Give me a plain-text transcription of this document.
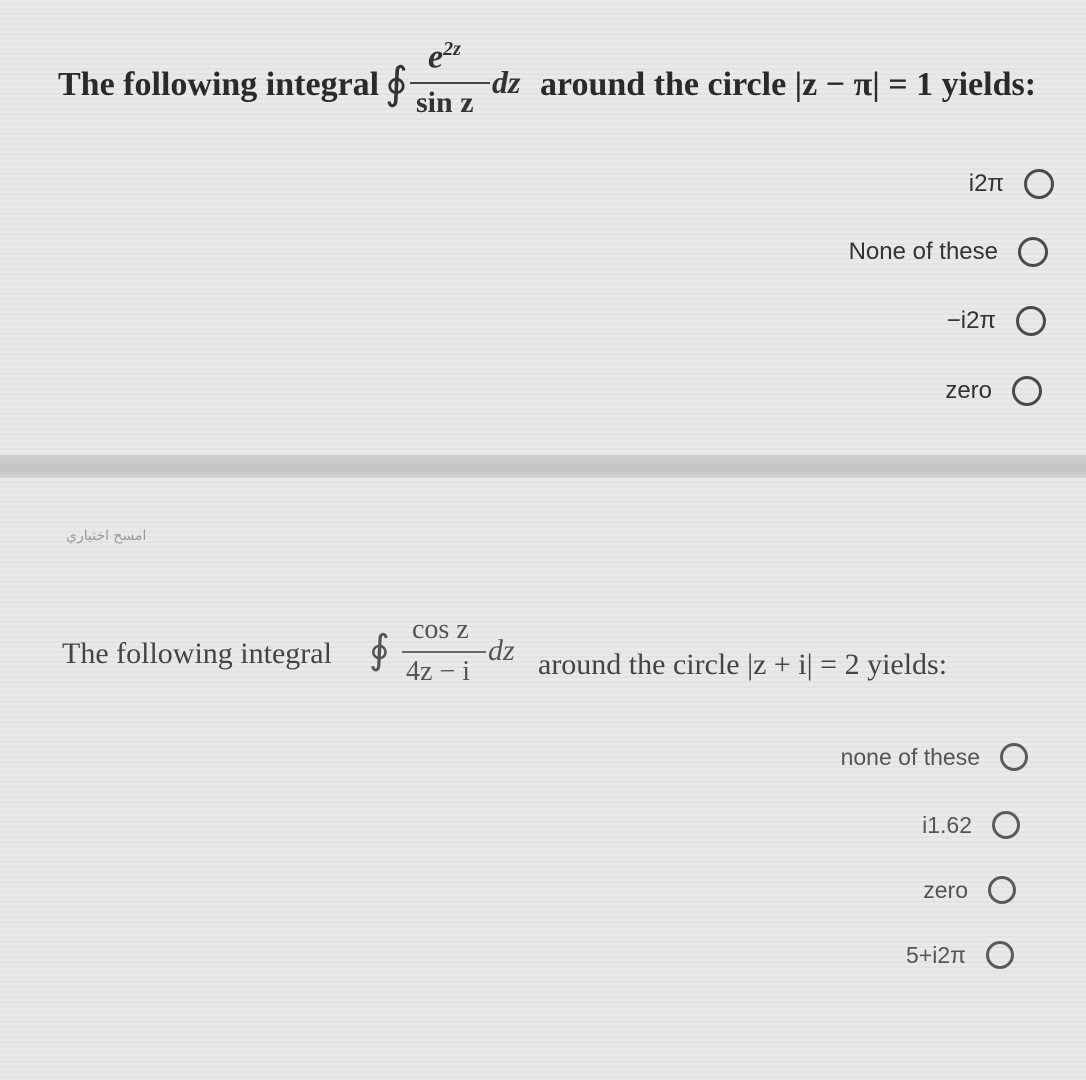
The following integral ∮
$e^{2z}$
sin z
dz around the circle |z − π| = 1 yields:
i2π
None of these
−i2π
zero
امسح اختياري
The following integral ∮ cos z
4z − i
dz around the circle |z + i| = 2 yields:
none of these
i1.62
zero
5+i2π
